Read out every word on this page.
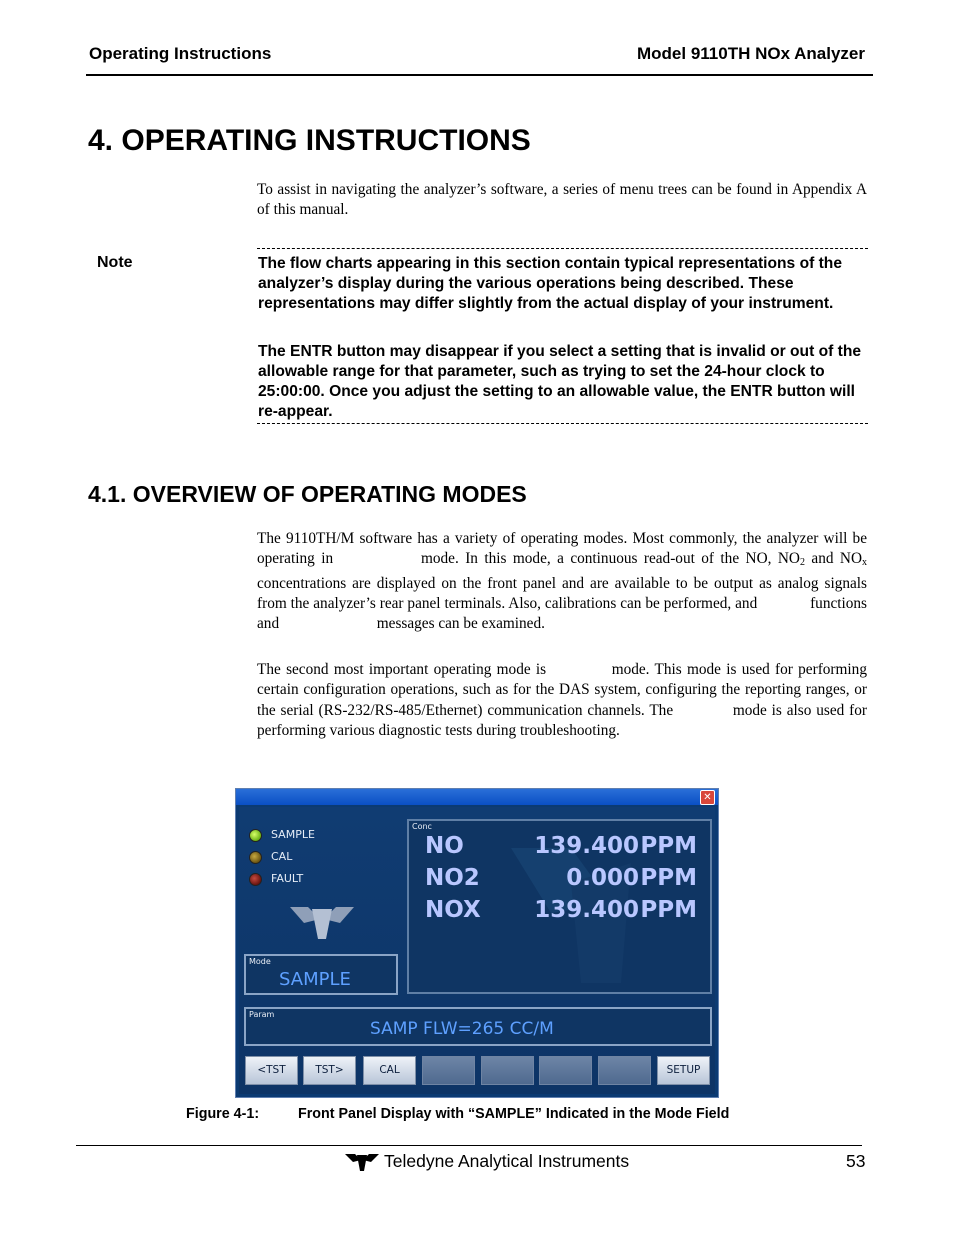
Operating Instructions	Model 9110TH NOx Analyzer
4. OPERATING INSTRUCTIONS

To assist in navigating the analyzer’s software, a series of menu trees can be found in Appendix A of this manual.

Note	The flow charts appearing in this section contain typical representations of the analyzer’s display during the various operations being described. These representations may differ slightly from the actual display of your instrument.

The ENTR button may disappear if you select a setting that is invalid or out of the allowable range for that parameter, such as trying to set the 24-hour clock to 25:00:00. Once you adjust the setting to an allowable value, the ENTR button will re-appear.

4.1. OVERVIEW OF OPERATING MODES

The 9110TH/M software has a variety of operating modes. Most commonly, the analyzer will be operating in	mode. In this mode, a continuous read-out of the NO, $NO_2$ and $NO_x$ concentrations are displayed on the front panel and are available to be output as analog signals from the analyzer’s rear panel terminals. Also, calibrations can be performed, and	functions and	messages can be examined.

The second most important operating mode is	mode. This mode is used for performing certain configuration operations, such as for the DAS system, configuring the reporting ranges, or the serial (RS-232/RS-485/Ethernet) communication channels. The	mode is also used for performing various diagnostic tests during troubleshooting.

✕
SAMPLE
CAL
FAULT
Conc
NO	139.400 PPM
NO2	0.000 PPM
NOX 139.400 PPM
Mode
SAMPLE
Param
SAMP FLW=265 CC/M
<TST	TST>	CAL	SETUP
Figure 4-1:	Front Panel Display with “SAMPLE” Indicated in the Mode Field
Teledyne Analytical Instruments	53
